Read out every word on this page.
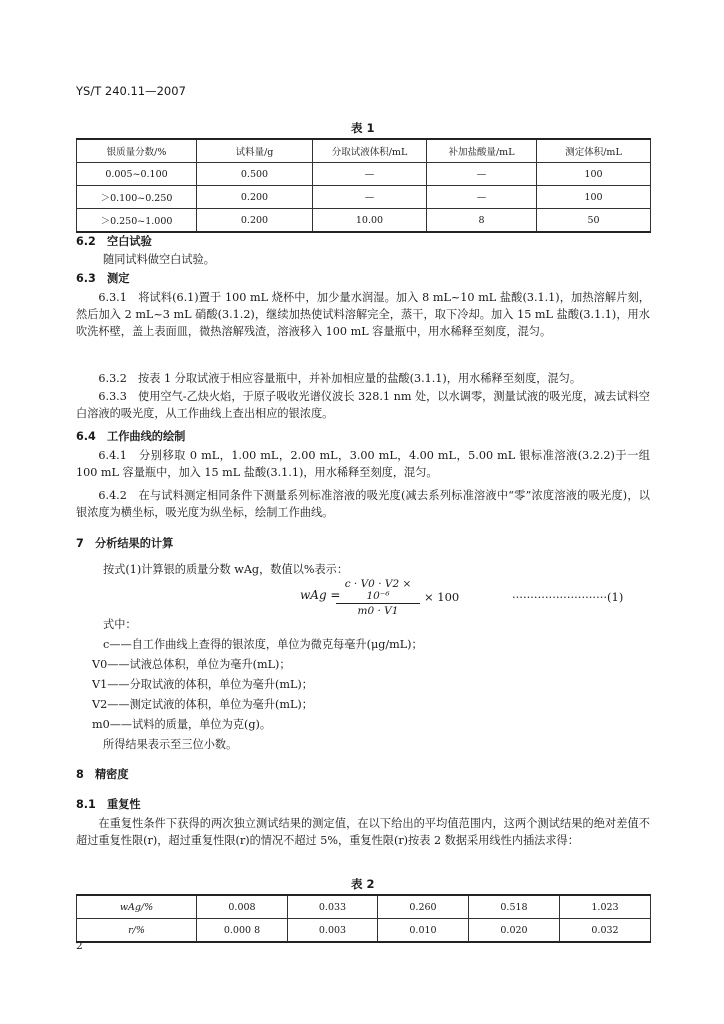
YS/T 240.11—2007
表 1
银质量分数/%	试料量/g	分取试液体积/mL	补加盐酸量/mL	测定体积/mL
0.005~0.100	0.500	—	—	100
＞0.100~0.250	0.200	—	—	100
＞0.250~1.000	0.200	10.00	8	50
6.2　空白试验
随同试料做空白试验。
6.3　测定
6.3.1　将试料(6.1)置于 100 mL 烧杯中，加少量水润湿。加入 8 mL~10 mL 盐酸(3.1.1)，加热溶解片刻，然后加入 2 mL~3 mL 硝酸(3.1.2)，继续加热使试料溶解完全，蒸干，取下冷却。加入 15 mL 盐酸(3.1.1)，用水吹洗杯壁，盖上表面皿，微热溶解残渣，溶液移入 100 mL 容量瓶中，用水稀释至刻度，混匀。
6.3.2　按表 1 分取试液于相应容量瓶中，并补加相应量的盐酸(3.1.1)，用水稀释至刻度，混匀。
6.3.3　使用空气-乙炔火焰，于原子吸收光谱仪波长 328.1 nm 处，以水调零，测量试液的吸光度，减去试料空白溶液的吸光度，从工作曲线上查出相应的银浓度。
6.4　工作曲线的绘制
6.4.1　分别移取 0 mL，1.00 mL，2.00 mL，3.00 mL，4.00 mL，5.00 mL 银标准溶液(3.2.2)于一组 100 mL 容量瓶中，加入 15 mL 盐酸(3.1.1)，用水稀释至刻度，混匀。
6.4.2　在与试料测定相同条件下测量系列标准溶液的吸光度(减去系列标准溶液中“零”浓度溶液的吸光度)，以银浓度为横坐标，吸光度为纵坐标，绘制工作曲线。
7　分析结果的计算
按式(1)计算银的质量分数 wAg，数值以%表示：
wAg =
$\frac{\text{c · V0 · V2 × 10⁻⁶}}{m0 \cdot V1} \times 100$	··························(1)
式中：
c——自工作曲线上查得的银浓度，单位为微克每毫升(μg/mL)；
V0——试液总体积，单位为毫升(mL)；
V1——分取试液的体积，单位为毫升(mL)；
V2——测定试液的体积，单位为毫升(mL)；
m0——试料的质量，单位为克(g)。
所得结果表示至三位小数。
8　精密度
8.1　重复性
在重复性条件下获得的两次独立测试结果的测定值，在以下给出的平均值范围内，这两个测试结果的绝对差值不超过重复性限(r)，超过重复性限(r)的情况不超过 5%，重复性限(r)按表 2 数据采用线性内插法求得：
表 2
wAg/%	0.008	0.033	0.260	0.518	1.023
r/%	0.000 8	0.003	0.010	0.020	0.032
2
